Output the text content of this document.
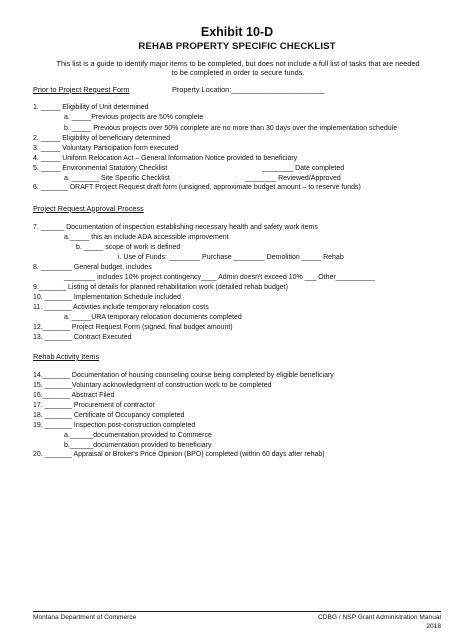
Exhibit 10-D
REHAB PROPERTY SPECIFIC CHECKLIST
This list is a guide to identify major items to be completed, but does not include a full list of tasks that are needed
to be completed in order to secure funds.
Prior to Project Request Form	Property Location:_______________________
1. _____ Eligibility of Unit determined
a. _____Previous projects are 50% complete
b. _____ Previous projects over 50% complete are no more than 30 days over the implementation schedule
2. _____ Eligibility of beneficiary determined
3. _____ Voluntary Participation form executed
4. _____ Uniform Relocation Act – General Information Notice provided to beneficiary
5. _____ Environmental Statutory Checklist	________ Date completed
a. _______ Site Specific Checklist	________ Reviewed/Approved
6. _______ DRAFT Project Request draft form (unsigned, approximate budget amount – to reserve funds)
Project Request Approval Process
7. ______ Documentation of inspection establishing necessary health and safety work items
a._____ this an include ADA accessible improvement
b. _____ scope of work is defined
i. Use of Funds: ________ Purchase ________ Demolition _____ Rehab
8. ________ General budget, includes
________ includes 10% project contingency____ Admin doesn't exceed 10% ___ Other__________
9._______ Listing of details for planned rehabilitation work (detailed rehab budget)
10. _______ Implementation Schedule included
11. _______ Activities include temporary relocation costs
a. _____URA temporary relocation documents completed
12._______ Project Request Form (signed, final budget amount)
13. _______ Contract Executed
Rehab Activity Items
14._______ Documentation of housing counseling course being completed by eligible beneficiary
15. _______Voluntary acknowledgment of construction work to be completed
16._______ Abstract Filed
17. _______ Procurement of contractor
18. _______ Certificate of Occupancy completed
19. _______ Inspection post-construction completed
a.______documentation provided to Commerce
b.______documentation provided to beneficiary
20. _______ Appraisal or Broker's Price Opinion (BPO) completed (within 60 days after rehab)
Montana Department of Commerce	CDBG / NSP Grant Administration Manual
2018
